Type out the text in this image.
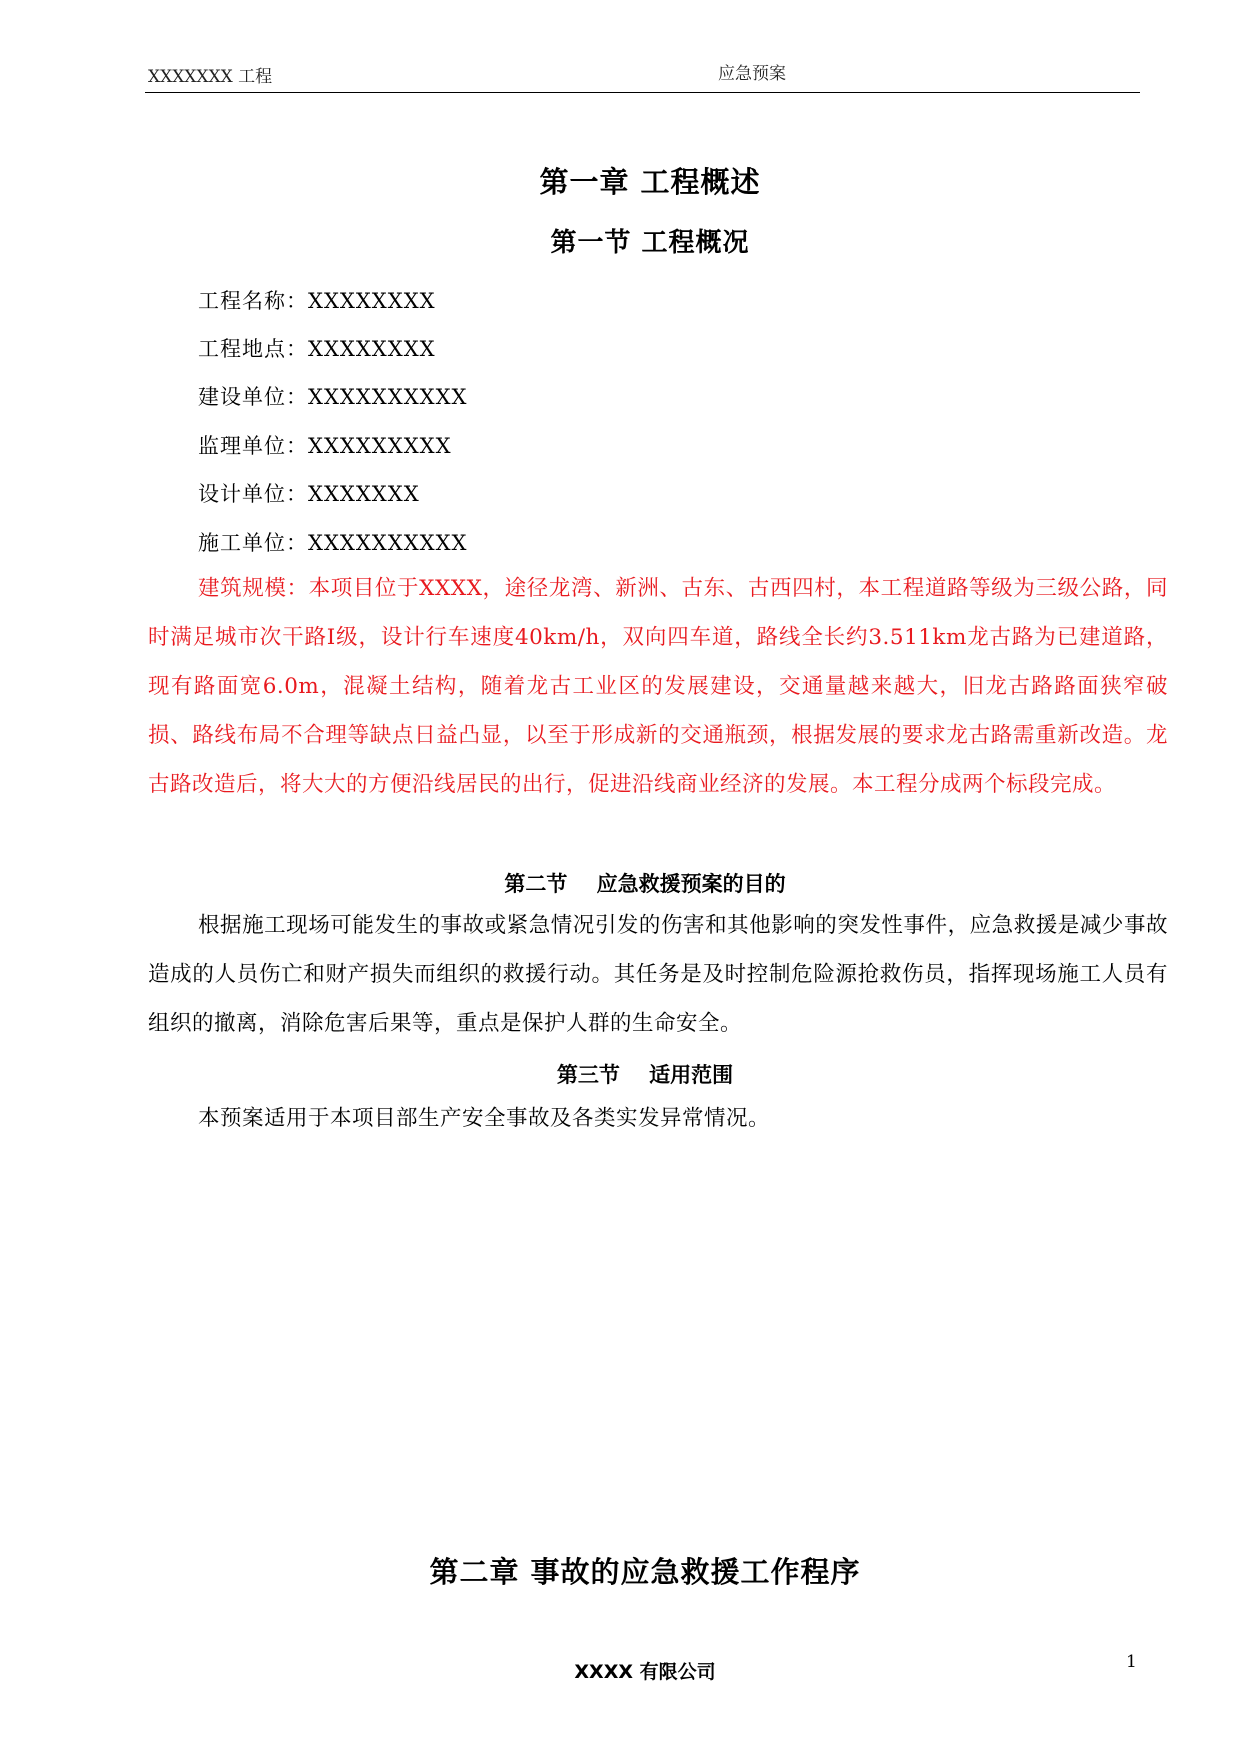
XXXXXXX 工程	应急预案
第一章 工程概述
第一节 工程概况
工程名称：XXXXXXXX
工程地点：XXXXXXXX
建设单位：XXXXXXXXXX
监理单位：XXXXXXXXX
设计单位：XXXXXXX
施工单位：XXXXXXXXXX

建筑规模：本项目位于XXXX，途径龙湾、新洲、古东、古西四村，本工程道路等级为三级公路，同时满足城市次干路Ⅰ级，设计行车速度40km/h，双向四车道，路线全长约3.511km龙古路为已建道路，现有路面宽6.0m，混凝土结构，随着龙古工业区的发展建设，交通量越来越大，旧龙古路路面狭窄破损、路线布局不合理等缺点日益凸显，以至于形成新的交通瓶颈，根据发展的要求龙古路需重新改造。龙古路改造后，将大大的方便沿线居民的出行，促进沿线商业经济的发展。本工程分成两个标段完成。

第二节    应急救援预案的目的

根据施工现场可能发生的事故或紧急情况引发的伤害和其他影响的突发性事件，应急救援是减少事故造成的人员伤亡和财产损失而组织的救援行动。其任务是及时控制危险源抢救伤员，指挥现场施工人员有组织的撤离，消除危害后果等，重点是保护人群的生命安全。

第三节    适用范围

本预案适用于本项目部生产安全事故及各类实发异常情况。

第二章 事故的应急救援工作程序
XXXX 有限公司	1
